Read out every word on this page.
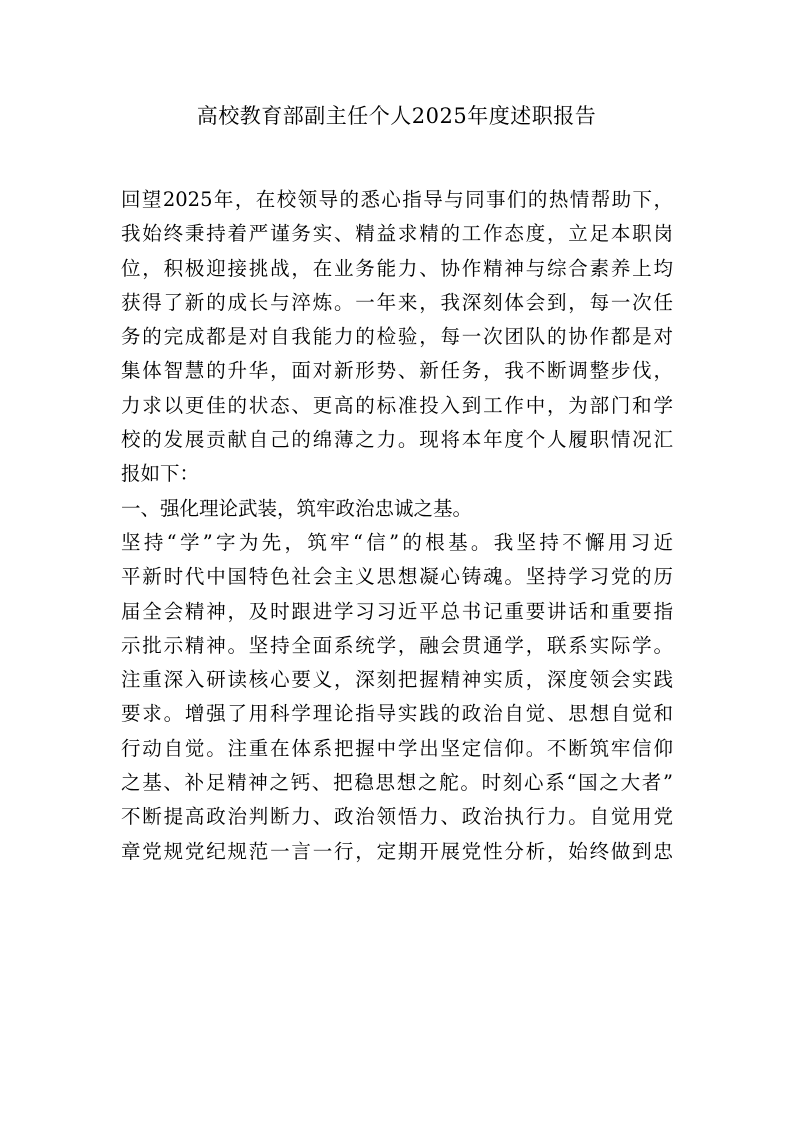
高校教育部副主任个人2025年度述职报告
回望2025年，在校领导的悉心指导与同事们的热情帮助下，
我始终秉持着严谨务实、精益求精的工作态度，立足本职岗
位，积极迎接挑战，在业务能力、协作精神与综合素养上均
获得了新的成长与淬炼。一年来，我深刻体会到，每一次任
务的完成都是对自我能力的检验，每一次团队的协作都是对
集体智慧的升华，面对新形势、新任务，我不断调整步伐，
力求以更佳的状态、更高的标准投入到工作中，为部门和学
校的发展贡献自己的绵薄之力。现将本年度个人履职情况汇
报如下：
一、强化理论武装，筑牢政治忠诚之基。
坚持“学”字为先，筑牢“信”的根基。我坚持不懈用习近
平新时代中国特色社会主义思想凝心铸魂。坚持学习党的历
届全会精神，及时跟进学习习近平总书记重要讲话和重要指
示批示精神。坚持全面系统学，融会贯通学，联系实际学。
注重深入研读核心要义，深刻把握精神实质，深度领会实践
要求。增强了用科学理论指导实践的政治自觉、思想自觉和
行动自觉。注重在体系把握中学出坚定信仰。不断筑牢信仰
之基、补足精神之钙、把稳思想之舵。时刻心系“国之大者”
不断提高政治判断力、政治领悟力、政治执行力。自觉用党
章党规党纪规范一言一行，定期开展党性分析，始终做到忠
